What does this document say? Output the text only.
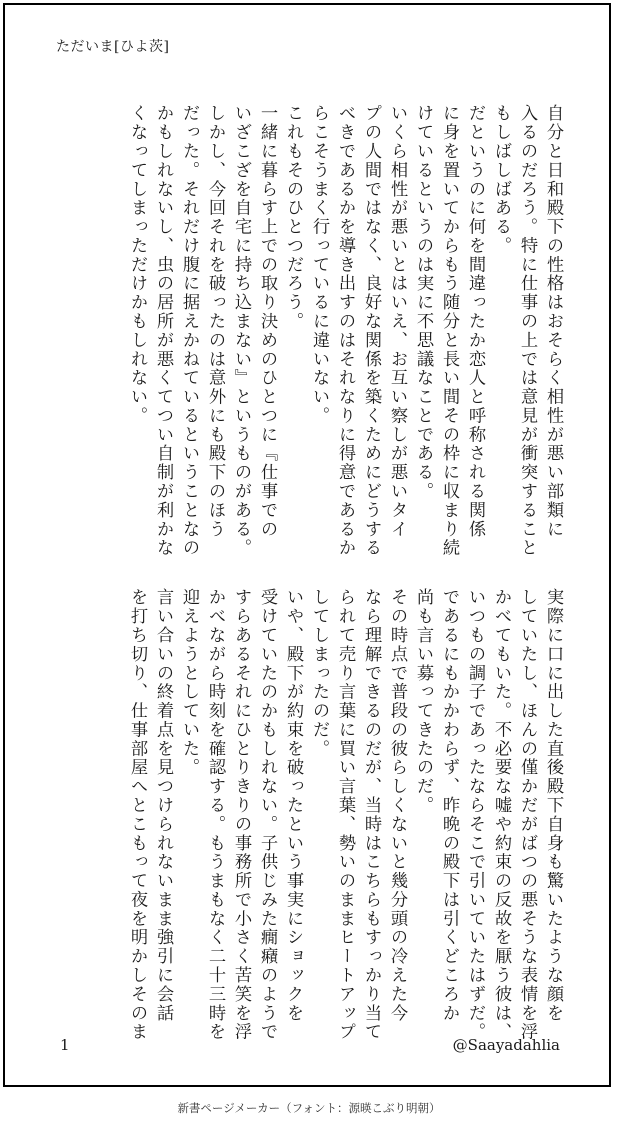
ただいま[ひよ茨]
自分と日和殿下の性格はおそらく相性が悪い部類に
入るのだろう。特に仕事の上では意見が衝突すること
もしばしばある。
だというのに何を間違ったか恋人と呼称される関係
に身を置いてからもう随分と長い間その枠に収まり続
けているというのは実に不思議なことである。
いくら相性が悪いとはいえ、お互い察しが悪いタイ
プの人間ではなく、良好な関係を築くためにどうする
べきであるかを導き出すのはそれなりに得意であるか
らこそうまく行っているに違いない。
これもそのひとつだろう。
一緒に暮らす上での取り決めのひとつに『仕事での
いざこざを自宅に持ち込まない』というものがある。
しかし、今回それを破ったのは意外にも殿下のほう
だった。それだけ腹に据えかねているということなの
かもしれないし、虫の居所が悪くてつい自制が利かな
くなってしまっただけかもしれない。
実際に口に出した直後殿下自身も驚いたような顔を
していたし、ほんの僅かだがばつの悪そうな表情を浮
かべてもいた。不必要な嘘や約束の反故を厭う彼は、
いつもの調子であったならそこで引いていたはずだ。
であるにもかかわらず、昨晩の殿下は引くどころか
尚も言い募ってきたのだ。
その時点で普段の彼らしくないと幾分頭の冷えた今
なら理解できるのだが、当時はこちらもすっかり当て
られて売り言葉に買い言葉、勢いのままヒートアップ
してしまったのだ。
いや、殿下が約束を破ったという事実にショックを
受けていたのかもしれない。子供じみた癇癪のようで
すらあるそれにひとりきりの事務所で小さく苦笑を浮
かべながら時刻を確認する。もうまもなく二十三時を
迎えようとしていた。
言い合いの終着点を見つけられないまま強引に会話
を打ち切り、仕事部屋へとこもって夜を明かしそのま
1	@Saayadahlia
新書ページメーカー（フォント：源暎こぶり明朝）
